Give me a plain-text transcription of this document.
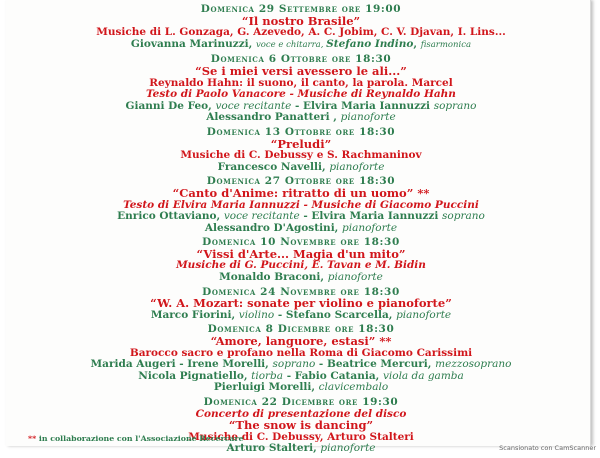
Domenica 29 Settembre ore 19:00
“Il nostro Brasile”
Musiche di L. Gonzaga, G. Azevedo, A. C. Jobim, C. V. Djavan, I. Lins...
Giovanna Marinuzzi, voce e chitarra, Stefano Indino, fisarmonica
Domenica 6 Ottobre ore 18:30
“Se i miei versi avessero le ali...”
Reynaldo Hahn: il suono, il canto, la parola. Marcel
Testo di Paolo Vanacore - Musiche di Reynaldo Hahn
Gianni De Feo, voce recitante - Elvira Maria Iannuzzi soprano
Alessandro Panatteri , pianoforte
Domenica 13 Ottobre ore 18:30
“Preludi”
Musiche di C. Debussy e S. Rachmaninov
Francesco Navelli, pianoforte
Domenica 27 Ottobre ore 18:30
“Canto d'Anime: ritratto di un uomo” **
Testo di Elvira Maria Iannuzzi - Musiche di Giacomo Puccini
Enrico Ottaviano, voce recitante - Elvira Maria Iannuzzi soprano
Alessandro D'Agostini, pianoforte
Domenica 10 Novembre ore 18:30
“Vissi d'Arte... Magia d'un mito”
Musiche di G. Puccini, E. Tavan e M. Bidin
Monaldo Braconi, pianoforte
Domenica 24 Novembre ore 18:30
“W. A. Mozart: sonate per violino e pianoforte”
Marco Fiorini, violino - Stefano Scarcella, pianoforte
Domenica 8 Dicembre ore 18:30
“Amore, languore, estasi” **
Barocco sacro e profano nella Roma di Giacomo Carissimi
Marida Augeri - Irene Morelli, soprano - Beatrice Mercuri, mezzosoprano
Nicola Pignatiello, tiorba - Fabio Catania, viola da gamba
Pierluigi Morelli, clavicembalo
Domenica 22 Dicembre ore 19:30
Concerto di presentazione del disco
“The snow is dancing”
Musiche di C. Debussy, Arturo Stalteri
Arturo Stalteri, pianoforte
** in collaborazione con l'Associazione Recercare
Scansionato con CamScanner
